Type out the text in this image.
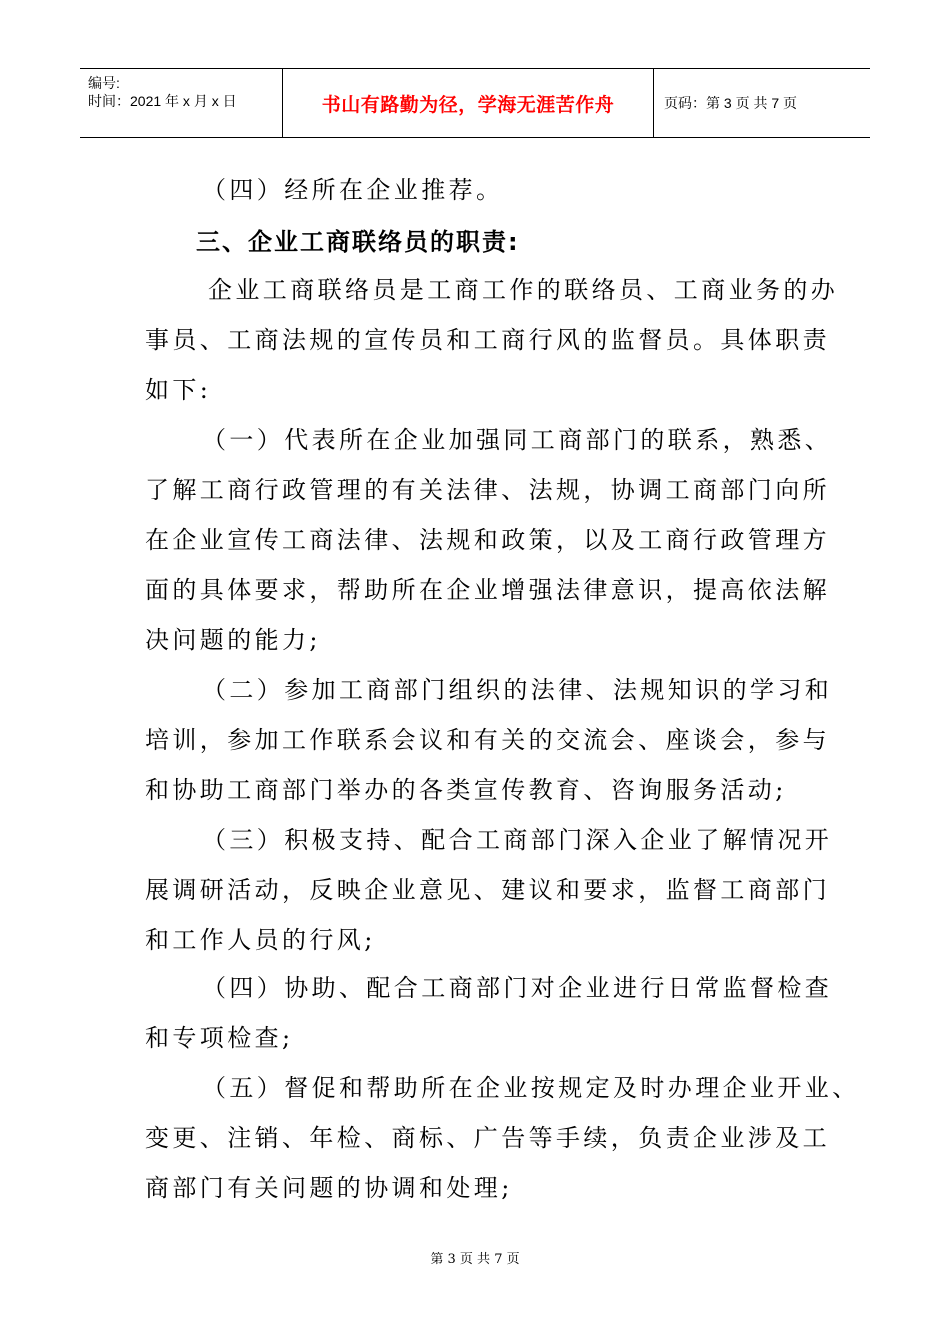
编号:
时间：2021 年 x 月 x 日	书山有路勤为径，学海无涯苦作舟	页码：第 3 页 共 7 页
（四）经所在企业推荐。
三、企业工商联络员的职责:
企业工商联络员是工商工作的联络员、工商业务的办
事员、工商法规的宣传员和工商行风的监督员。具体职责
如下:
（一）代表所在企业加强同工商部门的联系，熟悉、
了解工商行政管理的有关法律、法规，协调工商部门向所
在企业宣传工商法律、法规和政策，以及工商行政管理方
面的具体要求，帮助所在企业增强法律意识，提高依法解
决问题的能力;
（二）参加工商部门组织的法律、法规知识的学习和
培训，参加工作联系会议和有关的交流会、座谈会，参与
和协助工商部门举办的各类宣传教育、咨询服务活动;
（三）积极支持、配合工商部门深入企业了解情况开
展调研活动，反映企业意见、建议和要求，监督工商部门
和工作人员的行风;
（四）协助、配合工商部门对企业进行日常监督检查
和专项检查;
（五）督促和帮助所在企业按规定及时办理企业开业、
变更、注销、年检、商标、广告等手续，负责企业涉及工
商部门有关问题的协调和处理;
第 3 页 共 7 页
